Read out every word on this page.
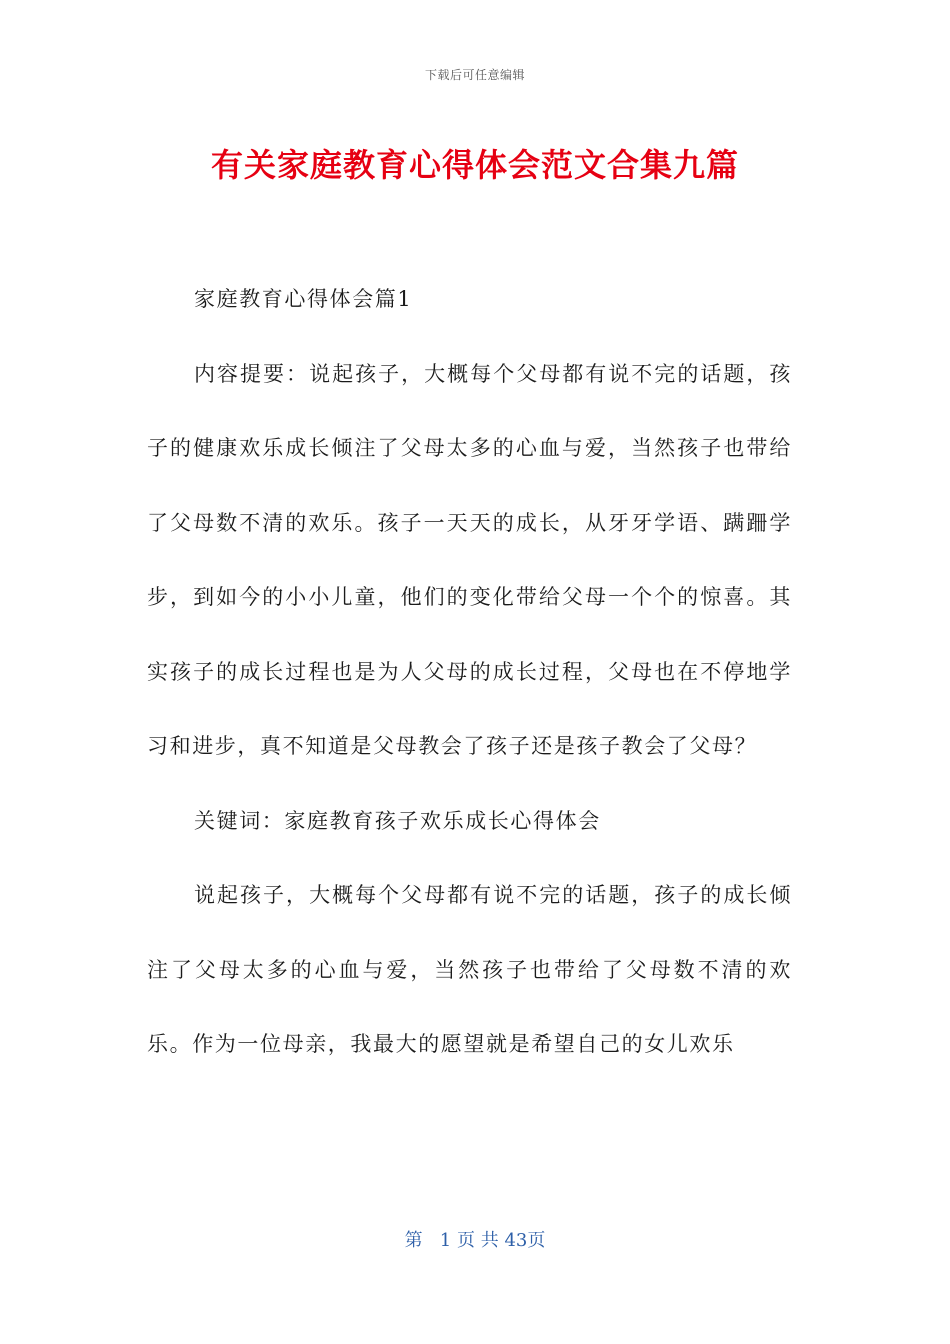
下载后可任意编辑
有关家庭教育心得体会范文合集九篇

家庭教育心得体会篇1

内容提要：说起孩子，大概每个父母都有说不完的话题，孩子的健康欢乐成长倾注了父母太多的心血与爱，当然孩子也带给了父母数不清的欢乐。孩子一天天的成长，从牙牙学语、蹒跚学步，到如今的小小儿童，他们的变化带给父母一个个的惊喜。其实孩子的成长过程也是为人父母的成长过程，父母也在不停地学习和进步，真不知道是父母教会了孩子还是孩子教会了父母？

关键词：家庭教育孩子欢乐成长心得体会

说起孩子，大概每个父母都有说不完的话题，孩子的成长倾注了父母太多的心血与爱，当然孩子也带给了父母数不清的欢乐。作为一位母亲，我最大的愿望就是希望自己的女儿欢乐

第 1 页 共 43页
